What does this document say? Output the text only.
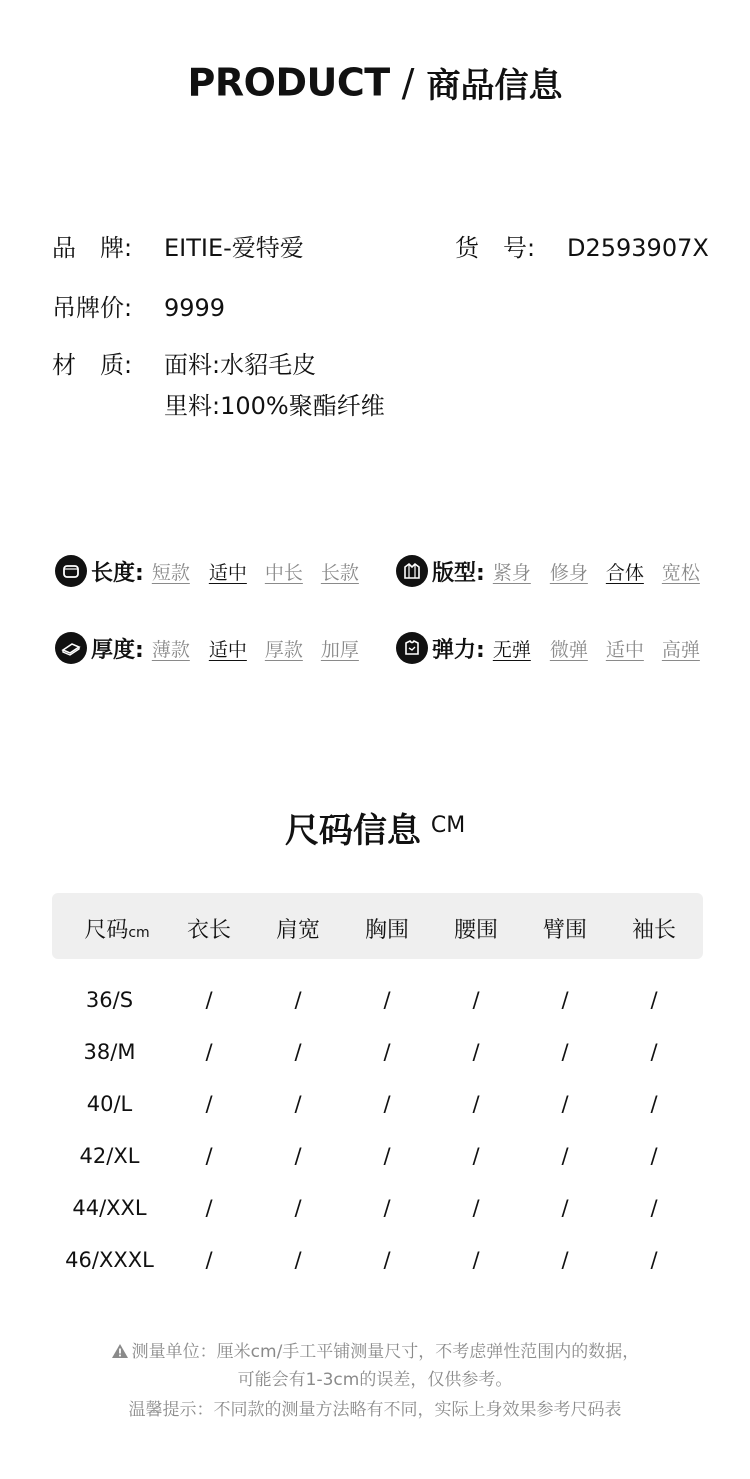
PRODUCT / 商品信息
品　牌: EITIE-爱特爱	货　号: D2593907X
吊牌价: 9999
材　质: 面料:水貂毛皮
里料:100%聚酯纤维
长度: 短款 适中 中长 长款	版型: 紧身 修身 合体 宽松
厚度: 薄款 适中 厚款 加厚	弹力: 无弹 微弹 适中 高弹
尺码信息 CM
尺码cm	衣长	肩宽	胸围	腰围	臂围	袖长
36/S	/	/	/	/	/	/
38/M	/	/	/	/	/	/
40/L	/	/	/	/	/	/
42/XL	/	/	/	/	/	/
44/XXL	/	/	/	/	/	/
46/XXXL	/	/	/	/	/	/
测量单位：厘米cm/手工平铺测量尺寸，不考虑弹性范围内的数据，
可能会有1-3cm的误差，仅供参考。
温馨提示：不同款的测量方法略有不同，实际上身效果参考尺码表
